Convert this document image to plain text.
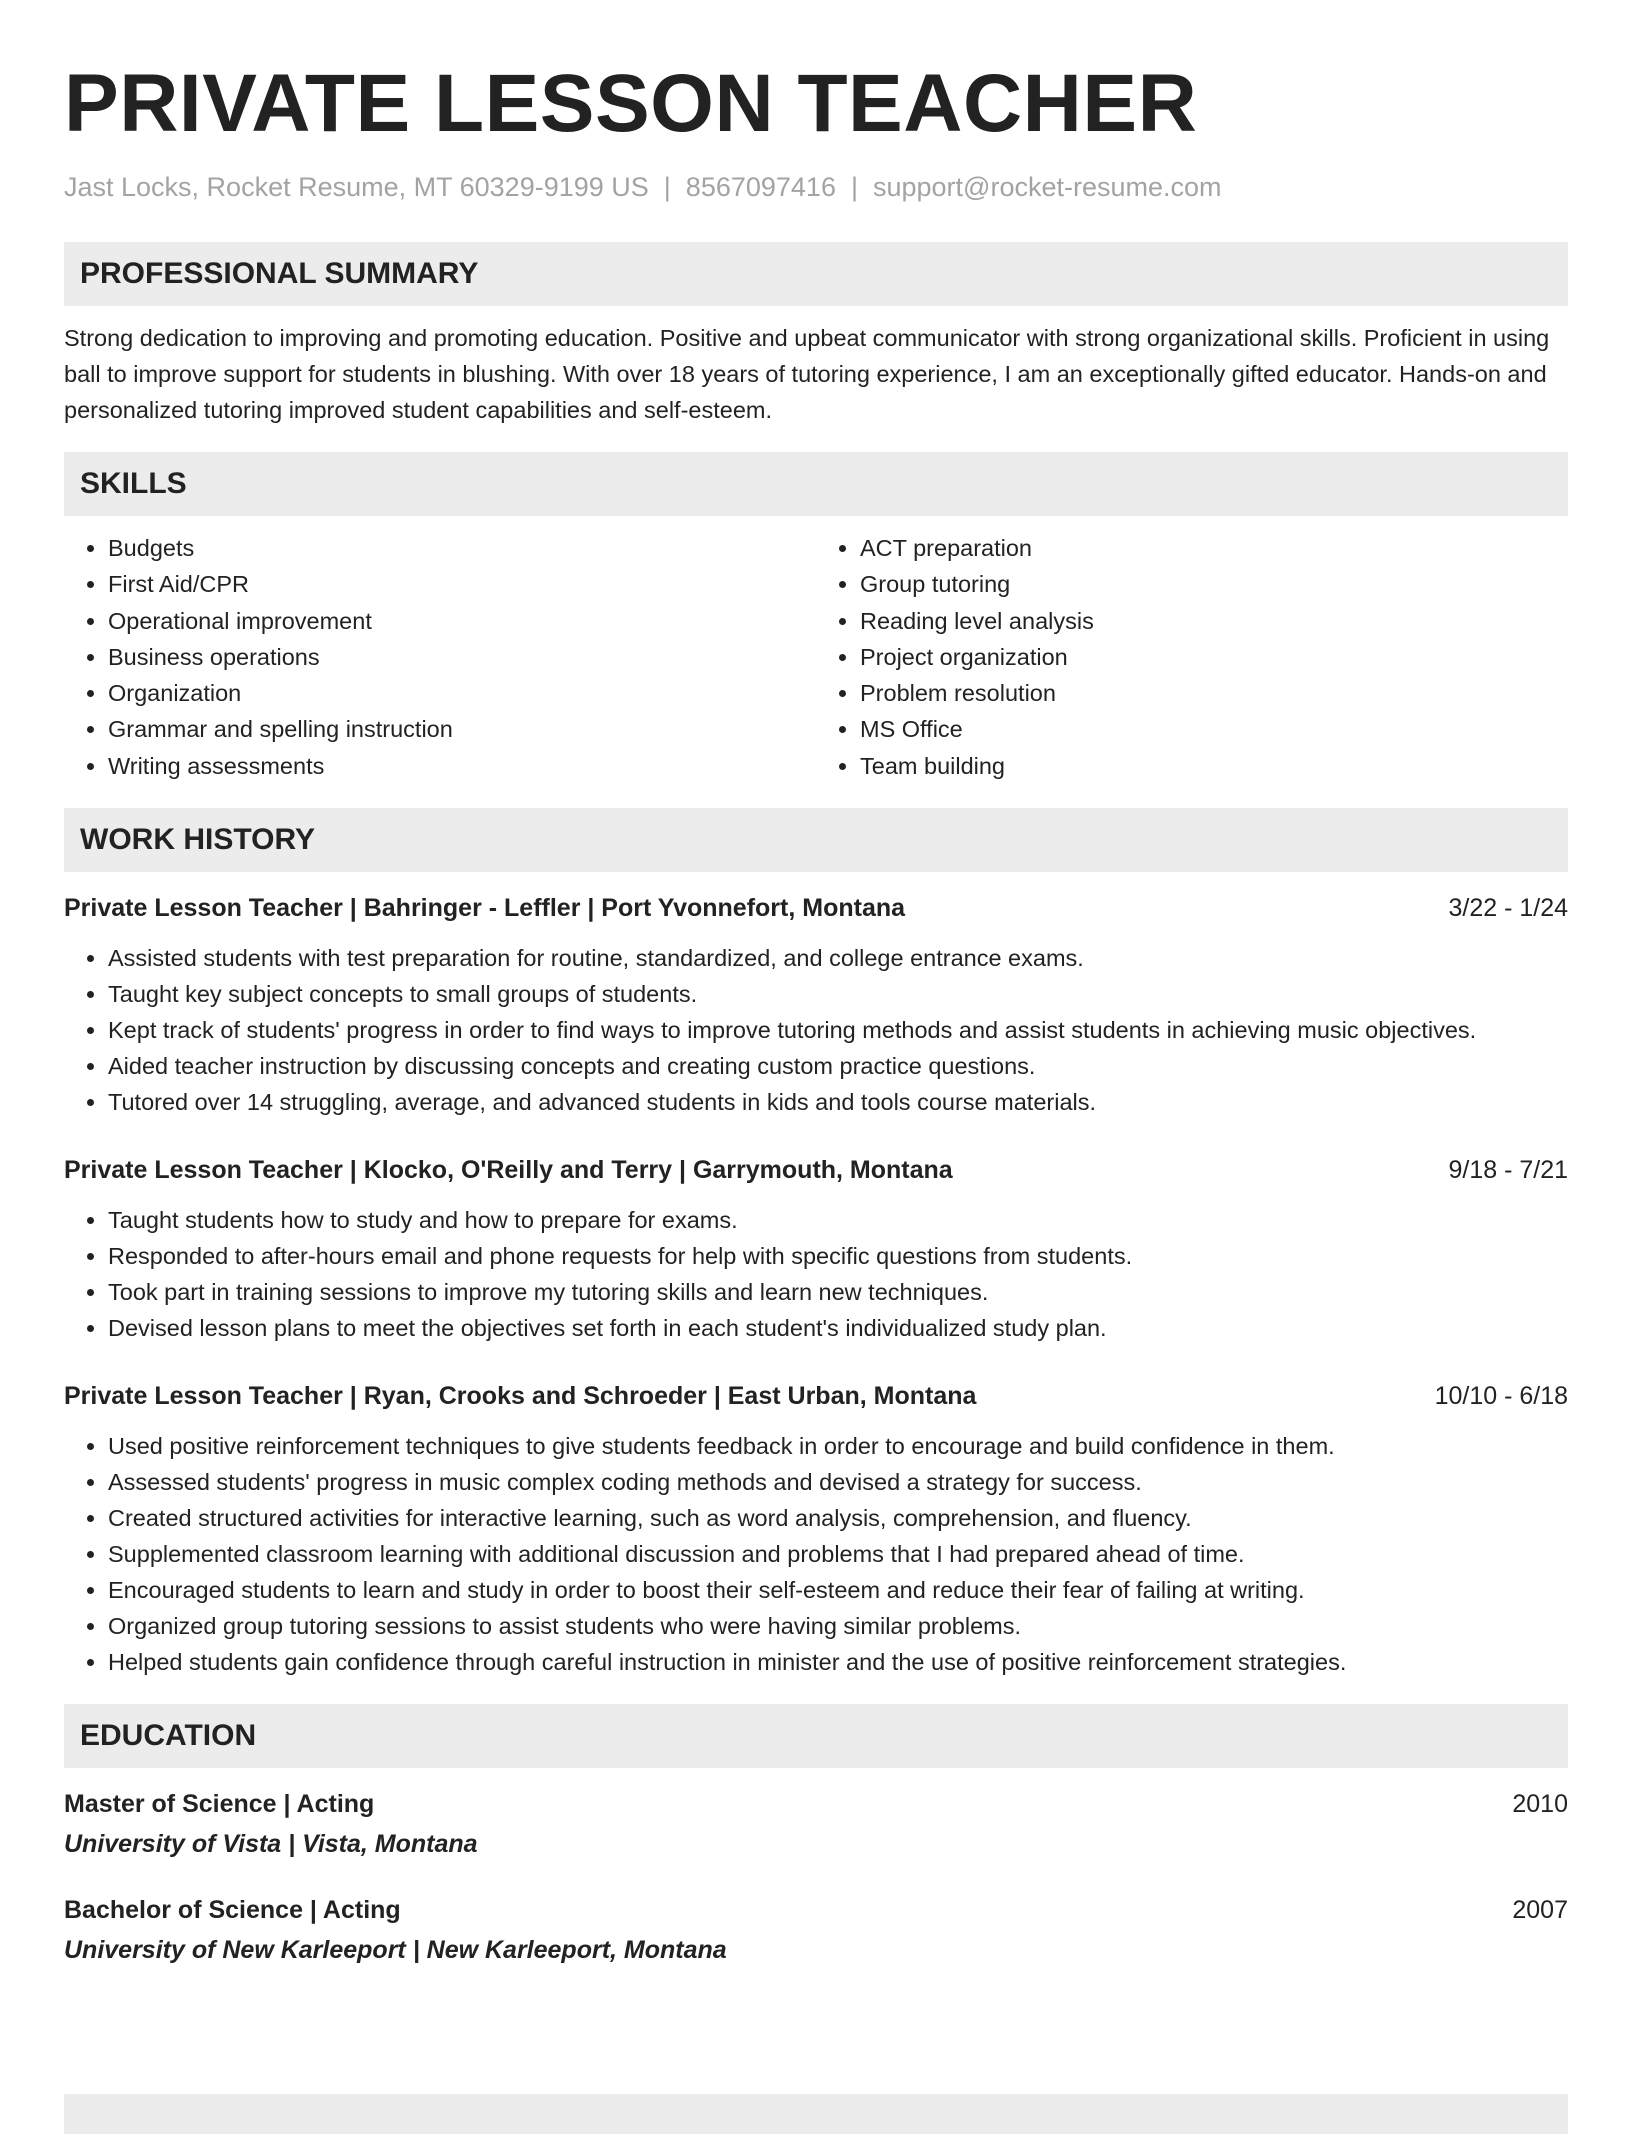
PRIVATE LESSON TEACHER
Jast Locks, Rocket Resume, MT 60329-9199 US | 8567097416 | support@rocket-resume.com
PROFESSIONAL SUMMARY
Strong dedication to improving and promoting education. Positive and upbeat communicator with strong organizational skills. Proficient in using ball to improve support for students in blushing. With over 18 years of tutoring experience, I am an exceptionally gifted educator. Hands-on and personalized tutoring improved student capabilities and self-esteem.
SKILLS
• Budgets
• First Aid/CPR
• Operational improvement
• Business operations
• Organization
• Grammar and spelling instruction
• Writing assessments
• ACT preparation
• Group tutoring
• Reading level analysis
• Project organization
• Problem resolution
• MS Office
• Team building
WORK HISTORY
Private Lesson Teacher | Bahringer - Leffler | Port Yvonnefort, Montana	3/22 - 1/24
• Assisted students with test preparation for routine, standardized, and college entrance exams.
• Taught key subject concepts to small groups of students.
• Kept track of students' progress in order to find ways to improve tutoring methods and assist students in achieving music objectives.
• Aided teacher instruction by discussing concepts and creating custom practice questions.
• Tutored over 14 struggling, average, and advanced students in kids and tools course materials.
Private Lesson Teacher | Klocko, O'Reilly and Terry | Garrymouth, Montana	9/18 - 7/21
• Taught students how to study and how to prepare for exams.
• Responded to after-hours email and phone requests for help with specific questions from students.
• Took part in training sessions to improve my tutoring skills and learn new techniques.
• Devised lesson plans to meet the objectives set forth in each student's individualized study plan.
Private Lesson Teacher | Ryan, Crooks and Schroeder | East Urban, Montana	10/10 - 6/18
• Used positive reinforcement techniques to give students feedback in order to encourage and build confidence in them.
• Assessed students' progress in music complex coding methods and devised a strategy for success.
• Created structured activities for interactive learning, such as word analysis, comprehension, and fluency.
• Supplemented classroom learning with additional discussion and problems that I had prepared ahead of time.
• Encouraged students to learn and study in order to boost their self-esteem and reduce their fear of failing at writing.
• Organized group tutoring sessions to assist students who were having similar problems.
• Helped students gain confidence through careful instruction in minister and the use of positive reinforcement strategies.
EDUCATION
Master of Science | Acting	2010
University of Vista | Vista, Montana
Bachelor of Science | Acting	2007
University of New Karleeport | New Karleeport, Montana
